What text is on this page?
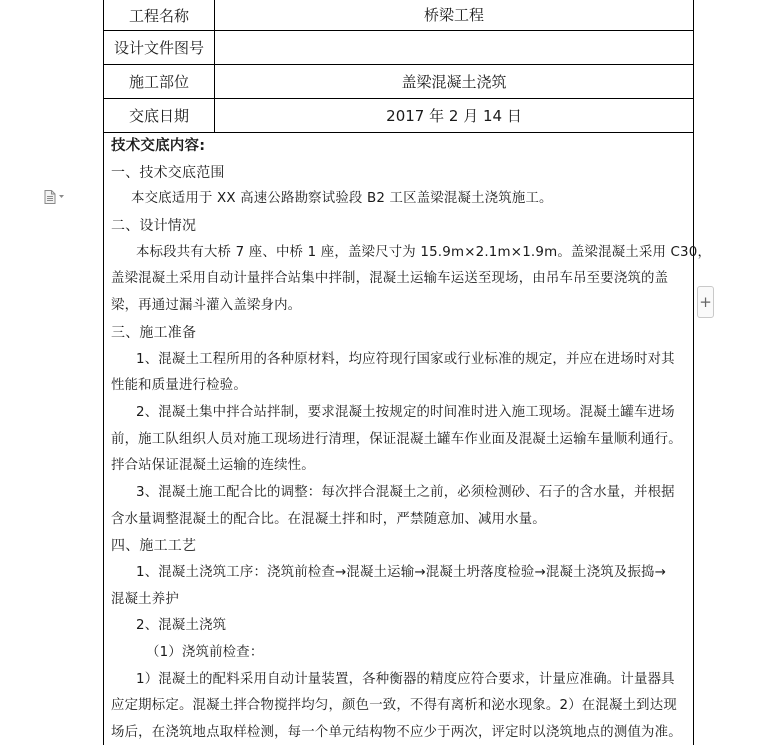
+
工程名称	桥梁工程
设计文件图号
施工部位	盖梁混凝土浇筑
交底日期	2017 年 2 月 14 日
技术交底内容:
一、技术交底范围
本交底适用于 XX 高速公路勘察试验段 B2 工区盖梁混凝土浇筑施工。
二、设计情况
本标段共有大桥 7 座、中桥 1 座，盖梁尺寸为 15.9m×2.1m×1.9m。盖梁混凝土采用 C30，
盖梁混凝土采用自动计量拌合站集中拌制，混凝土运输车运送至现场，由吊车吊至要浇筑的盖
梁，再通过漏斗灌入盖梁身内。
三、施工准备
1、混凝土工程所用的各种原材料，均应符现行国家或行业标准的规定，并应在进场时对其
性能和质量进行检验。
2、混凝土集中拌合站拌制，要求混凝土按规定的时间准时进入施工现场。混凝土罐车进场
前，施工队组织人员对施工现场进行清理，保证混凝土罐车作业面及混凝土运输车量顺利通行。
拌合站保证混凝土运输的连续性。
3、混凝土施工配合比的调整：每次拌合混凝土之前，必须检测砂、石子的含水量，并根据
含水量调整混凝土的配合比。在混凝土拌和时，严禁随意加、减用水量。
四、施工工艺
1、混凝土浇筑工序：浇筑前检查→混凝土运输→混凝土坍落度检验→混凝土浇筑及振捣→
混凝土养护
2、混凝土浇筑
（1）浇筑前检查：
1）混凝土的配料采用自动计量装置，各种衡器的精度应符合要求，计量应准确。计量器具
应定期标定。混凝土拌合物搅拌均匀，颜色一致，不得有离析和泌水现象。2）在混凝土到达现
场后，在浇筑地点取样检测，每一个单元结构物不应少于两次，评定时以浇筑地点的测值为准。
